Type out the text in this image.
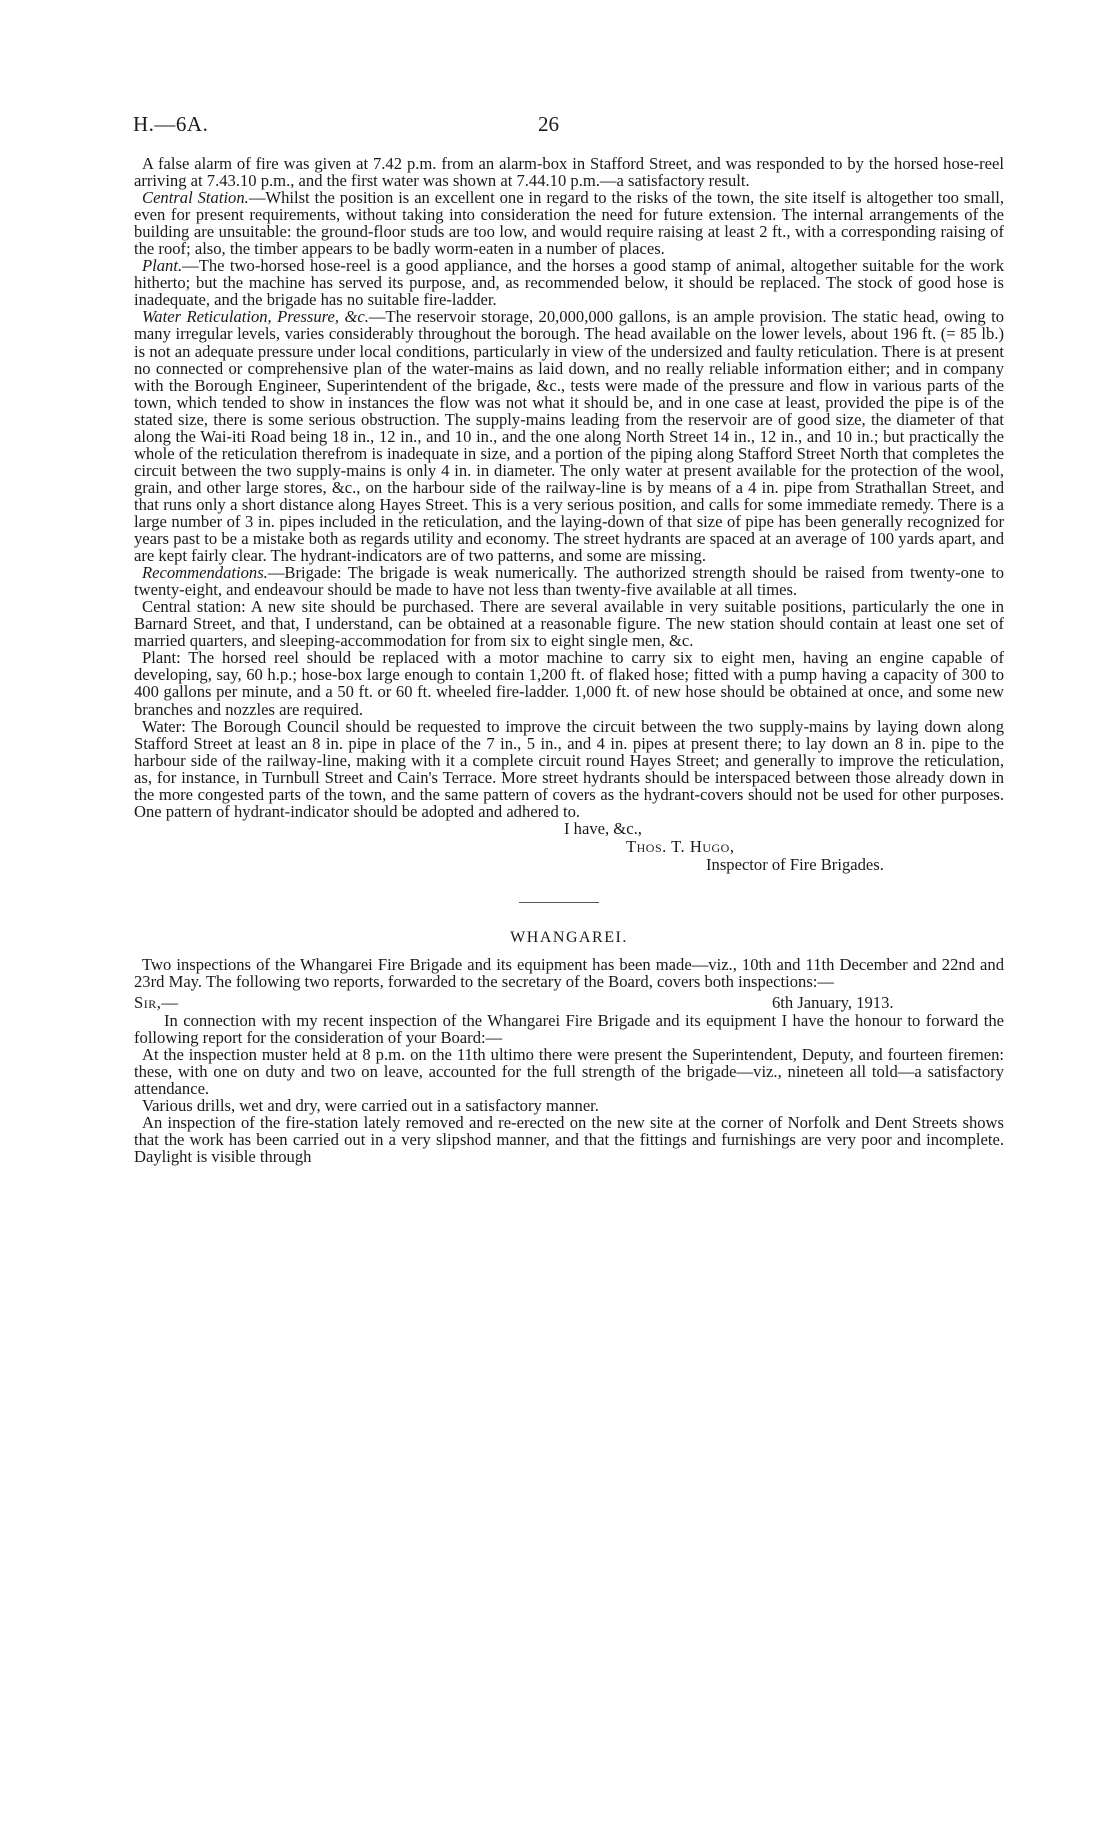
H.—6A.	26

A false alarm of fire was given at 7.42 p.m. from an alarm-box in Stafford Street, and was responded to by the horsed hose-reel arriving at 7.43.10 p.m., and the first water was shown at 7.44.10 p.m.—a satisfactory result.

Central Station.—Whilst the position is an excellent one in regard to the risks of the town, the site itself is altogether too small, even for present requirements, without taking into consideration the need for future extension. The internal arrangements of the building are unsuitable: the ground-floor studs are too low, and would require raising at least 2 ft., with a corresponding raising of the roof; also, the timber appears to be badly worm-eaten in a number of places.

Plant.—The two-horsed hose-reel is a good appliance, and the horses a good stamp of animal, altogether suitable for the work hitherto; but the machine has served its purpose, and, as recommended below, it should be replaced. The stock of good hose is inadequate, and the brigade has no suitable fire-ladder.

Water Reticulation, Pressure, &c.—The reservoir storage, 20,000,000 gallons, is an ample provision. The static head, owing to many irregular levels, varies considerably throughout the borough. The head available on the lower levels, about 196 ft. (= 85 lb.) is not an adequate pressure under local conditions, particularly in view of the undersized and faulty reticulation. There is at present no connected or comprehensive plan of the water-mains as laid down, and no really reliable information either; and in company with the Borough Engineer, Superintendent of the brigade, &c., tests were made of the pressure and flow in various parts of the town, which tended to show in instances the flow was not what it should be, and in one case at least, provided the pipe is of the stated size, there is some serious obstruction. The supply-mains leading from the reservoir are of good size, the diameter of that along the Wai-iti Road being 18 in., 12 in., and 10 in., and the one along North Street 14 in., 12 in., and 10 in.; but practically the whole of the reticulation therefrom is inadequate in size, and a portion of the piping along Stafford Street North that completes the circuit between the two supply-mains is only 4 in. in diameter. The only water at present available for the protection of the wool, grain, and other large stores, &c., on the harbour side of the railway-line is by means of a 4 in. pipe from Strathallan Street, and that runs only a short distance along Hayes Street. This is a very serious position, and calls for some immediate remedy. There is a large number of 3 in. pipes included in the reticulation, and the laying-down of that size of pipe has been generally recognized for years past to be a mistake both as regards utility and economy. The street hydrants are spaced at an average of 100 yards apart, and are kept fairly clear. The hydrant-indicators are of two patterns, and some are missing.

Recommendations.—Brigade: The brigade is weak numerically. The authorized strength should be raised from twenty-one to twenty-eight, and endeavour should be made to have not less than twenty-five available at all times.

Central station: A new site should be purchased. There are several available in very suitable positions, particularly the one in Barnard Street, and that, I understand, can be obtained at a reasonable figure. The new station should contain at least one set of married quarters, and sleeping-accommodation for from six to eight single men, &c.

Plant: The horsed reel should be replaced with a motor machine to carry six to eight men, having an engine capable of developing, say, 60 h.p.; hose-box large enough to contain 1,200 ft. of flaked hose; fitted with a pump having a capacity of 300 to 400 gallons per minute, and a 50 ft. or 60 ft. wheeled fire-ladder. 1,000 ft. of new hose should be obtained at once, and some new branches and nozzles are required.

Water: The Borough Council should be requested to improve the circuit between the two supply-mains by laying down along Stafford Street at least an 8 in. pipe in place of the 7 in., 5 in., and 4 in. pipes at present there; to lay down an 8 in. pipe to the harbour side of the railway-line, making with it a complete circuit round Hayes Street; and generally to improve the reticulation, as, for instance, in Turnbull Street and Cain's Terrace. More street hydrants should be interspaced between those already down in the more congested parts of the town, and the same pattern of covers as the hydrant-covers should not be used for other purposes. One pattern of hydrant-indicator should be adopted and adhered to.

I have, &c.,
Thos. T. Hugo,
Inspector of Fire Brigades.
WHANGAREI.

Two inspections of the Whangarei Fire Brigade and its equipment has been made—viz., 10th and 11th December and 22nd and 23rd May. The following two reports, forwarded to the secretary of the Board, covers both inspections:—

Sir,—	6th January, 1913.

In connection with my recent inspection of the Whangarei Fire Brigade and its equipment I have the honour to forward the following report for the consideration of your Board:—

At the inspection muster held at 8 p.m. on the 11th ultimo there were present the Superintendent, Deputy, and fourteen firemen: these, with one on duty and two on leave, accounted for the full strength of the brigade—viz., nineteen all told—a satisfactory attendance.

Various drills, wet and dry, were carried out in a satisfactory manner.

An inspection of the fire-station lately removed and re-erected on the new site at the corner of Norfolk and Dent Streets shows that the work has been carried out in a very slipshod manner, and that the fittings and furnishings are very poor and incomplete. Daylight is visible through
